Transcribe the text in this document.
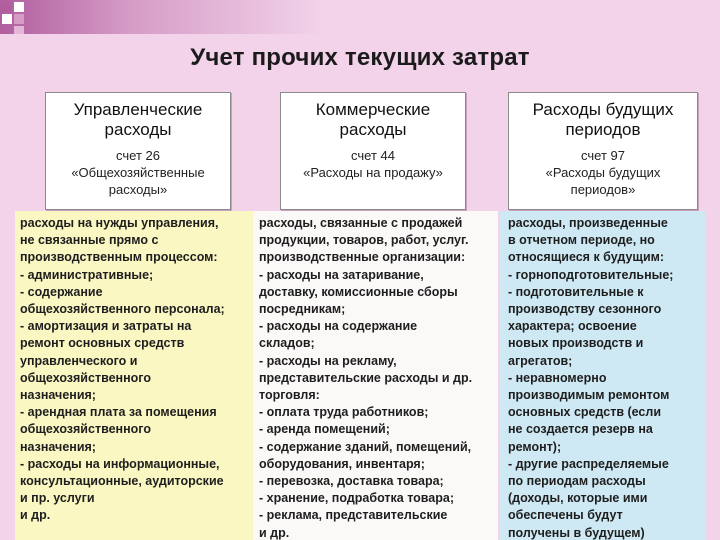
Учет прочих текущих затрат
Управленческие
расходы
счет 26
«Общехозяйственные
расходы»
Коммерческие
расходы
счет 44
«Расходы на продажу»
Расходы будущих
периодов
счет 97
«Расходы будущих
периодов»
расходы на нужды управления,
не связанные прямо с
производственным процессом:
- административные;
- содержание
общехозяйственного персонала;
- амортизация и затраты на
ремонт основных средств
управленческого и
общехозяйственного
назначения;
- арендная плата за помещения
общехозяйственного
назначения;
- расходы на информационные,
консультационные, аудиторские
и пр. услуги
и др.
расходы, связанные с продажей
продукции, товаров, работ, услуг.
производственные организации:
- расходы на затаривание,
доставку, комиссионные сборы
посредникам;
- расходы на содержание
складов;
- расходы на рекламу,
представительские расходы и др.
торговля:
- оплата труда работников;
- аренда помещений;
- содержание зданий, помещений,
оборудования, инвентаря;
- перевозка, доставка товара;
- хранение, подработка товара;
- реклама, представительские
и др.
расходы, произведенные
в отчетном периоде, но
относящиеся к будущим:
- горноподготовительные;
- подготовительные к
производству сезонного
характера; освоение
новых производств и
агрегатов;
- неравномерно
производимым ремонтом
основных средств (если
не создается резерв на
ремонт);
- другие распределяемые
по периодам расходы
(доходы, которые ими
обеспечены будут
получены в будущем)
